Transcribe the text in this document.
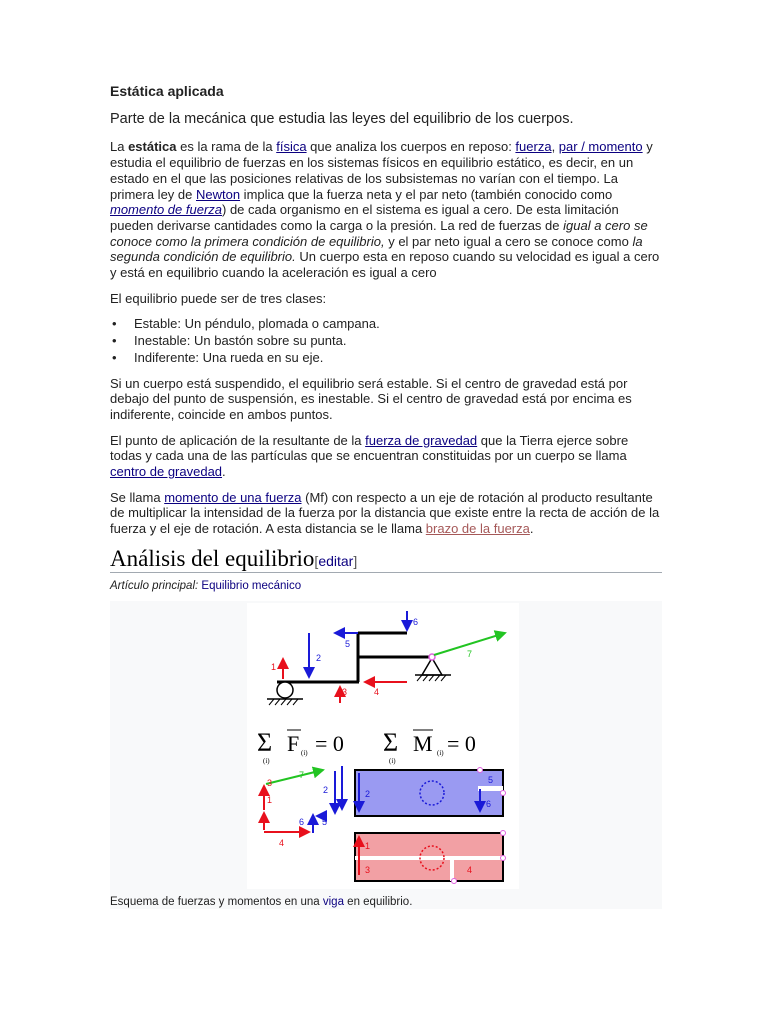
Estática aplicada
Parte de la mecánica que estudia las leyes del equilibrio de los cuerpos.

La estática es la rama de la física que analiza los cuerpos en reposo: fuerza, par / momento y estudia el equilibrio de fuerzas en los sistemas físicos en equilibrio estático, es decir, en un estado en el que las posiciones relativas de los subsistemas no varían con el tiempo. La primera ley de Newton implica que la fuerza neta y el par neto (también conocido como momento de fuerza) de cada organismo en el sistema es igual a cero. De esta limitación pueden derivarse cantidades como la carga o la presión. La red de fuerzas de igual a cero se conoce como la primera condición de equilibrio, y el par neto igual a cero se conoce como la segunda condición de equilibrio. Un cuerpo esta en reposo cuando su velocidad es igual a cero y está en equilibrio cuando la aceleración es igual a cero

El equilibrio puede ser de tres clases:

• Estable: Un péndulo, plomada o campana.
• Inestable: Un bastón sobre su punta.
• Indiferente: Una rueda en su eje.

Si un cuerpo está suspendido, el equilibrio será estable. Si el centro de gravedad está por debajo del punto de suspensión, es inestable. Si el centro de gravedad está por encima es indiferente, coincide en ambos puntos.

El punto de aplicación de la resultante de la fuerza de gravedad que la Tierra ejerce sobre todas y cada una de las partículas que se encuentran constituidas por un cuerpo se llama centro de gravedad.

Se llama momento de una fuerza (Mf) con respecto a un eje de rotación al producto resultante de multiplicar la intensidad de la fuerza por la distancia que existe entre la recta de acción de la fuerza y el eje de rotación. A esta distancia se le llama brazo de la fuerza.

Análisis del equilibrio[editar]
Artículo principal: Equilibrio mecánico
1
2
3	4
5
6
7
Σ F = 0
(i)
(i)	Σ M = 0
(i)
(i)
1
2
3
4
5
6
7
2
5
6
1
3	4
Esquema de fuerzas y momentos en una viga en equilibrio.
